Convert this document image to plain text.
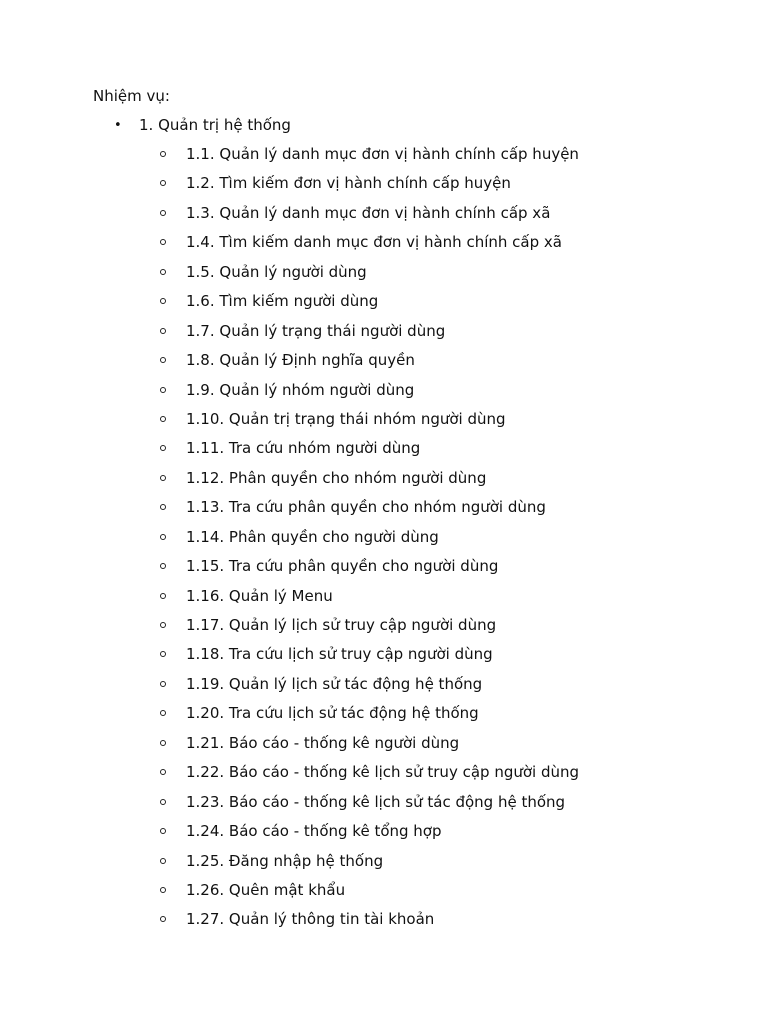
Nhiệm vụ:
• 1. Quản trị hệ thống
1.1. Quản lý danh mục đơn vị hành chính cấp huyện
1.2. Tìm kiếm đơn vị hành chính cấp huyện
1.3. Quản lý danh mục đơn vị hành chính cấp xã
1.4. Tìm kiếm danh mục đơn vị hành chính cấp xã
1.5. Quản lý người dùng
1.6. Tìm kiếm người dùng
1.7. Quản lý trạng thái người dùng
1.8. Quản lý Định nghĩa quyền
1.9. Quản lý nhóm người dùng
1.10. Quản trị trạng thái nhóm người dùng
1.11. Tra cứu nhóm người dùng
1.12. Phân quyền cho nhóm người dùng
1.13. Tra cứu phân quyền cho nhóm người dùng
1.14. Phân quyền cho người dùng
1.15. Tra cứu phân quyền cho người dùng
1.16. Quản lý Menu
1.17. Quản lý lịch sử truy cập người dùng
1.18. Tra cứu lịch sử truy cập người dùng
1.19. Quản lý lịch sử tác động hệ thống
1.20. Tra cứu lịch sử tác động hệ thống
1.21. Báo cáo - thống kê người dùng
1.22. Báo cáo - thống kê lịch sử truy cập người dùng
1.23. Báo cáo - thống kê lịch sử tác động hệ thống
1.24. Báo cáo - thống kê tổng hợp
1.25. Đăng nhập hệ thống
1.26. Quên mật khẩu
1.27. Quản lý thông tin tài khoản
